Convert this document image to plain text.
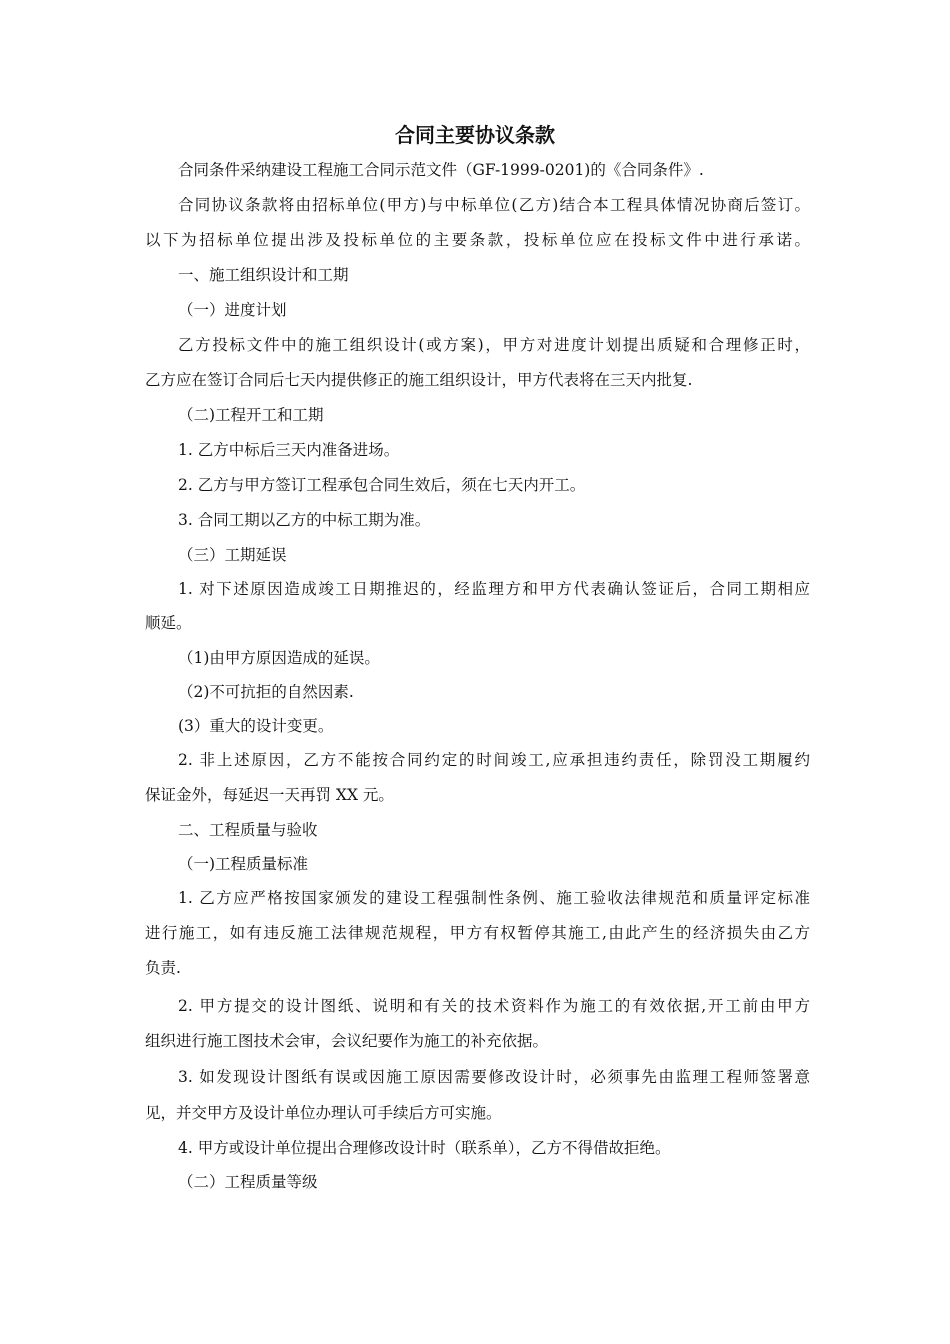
合同主要协议条款

合同条件采纳建设工程施工合同示范文件（GF-1999-0201)的《合同条件》.

合同协议条款将由招标单位(甲方)与中标单位(乙方)结合本工程具体情况协商后签订。

以下为招标单位提出涉及投标单位的主要条款，投标单位应在投标文件中进行承诺。

一、施工组织设计和工期

（一）进度计划

乙方投标文件中的施工组织设计(或方案)，甲方对进度计划提出质疑和合理修正时，

乙方应在签订合同后七天内提供修正的施工组织设计，甲方代表将在三天内批复.

（二)工程开工和工期

1. 乙方中标后三天内准备进场。

2. 乙方与甲方签订工程承包合同生效后，须在七天内开工。

3. 合同工期以乙方的中标工期为准。

（三）工期延误

1. 对下述原因造成竣工日期推迟的，经监理方和甲方代表确认签证后，合同工期相应

顺延。

（1)由甲方原因造成的延误。

（2)不可抗拒的自然因素.

(3）重大的设计变更。

2. 非上述原因，乙方不能按合同约定的时间竣工,应承担违约责任，除罚没工期履约

保证金外，每延迟一天再罚 XX 元。

二、工程质量与验收

（一)工程质量标准

1. 乙方应严格按国家颁发的建设工程强制性条例、施工验收法律规范和质量评定标准

进行施工，如有违反施工法律规范规程，甲方有权暂停其施工,由此产生的经济损失由乙方

负责.

2. 甲方提交的设计图纸、说明和有关的技术资料作为施工的有效依据,开工前由甲方

组织进行施工图技术会审，会议纪要作为施工的补充依据。

3. 如发现设计图纸有误或因施工原因需要修改设计时，必须事先由监理工程师签署意

见，并交甲方及设计单位办理认可手续后方可实施。

4. 甲方或设计单位提出合理修改设计时（联系单），乙方不得借故拒绝。

（二）工程质量等级
